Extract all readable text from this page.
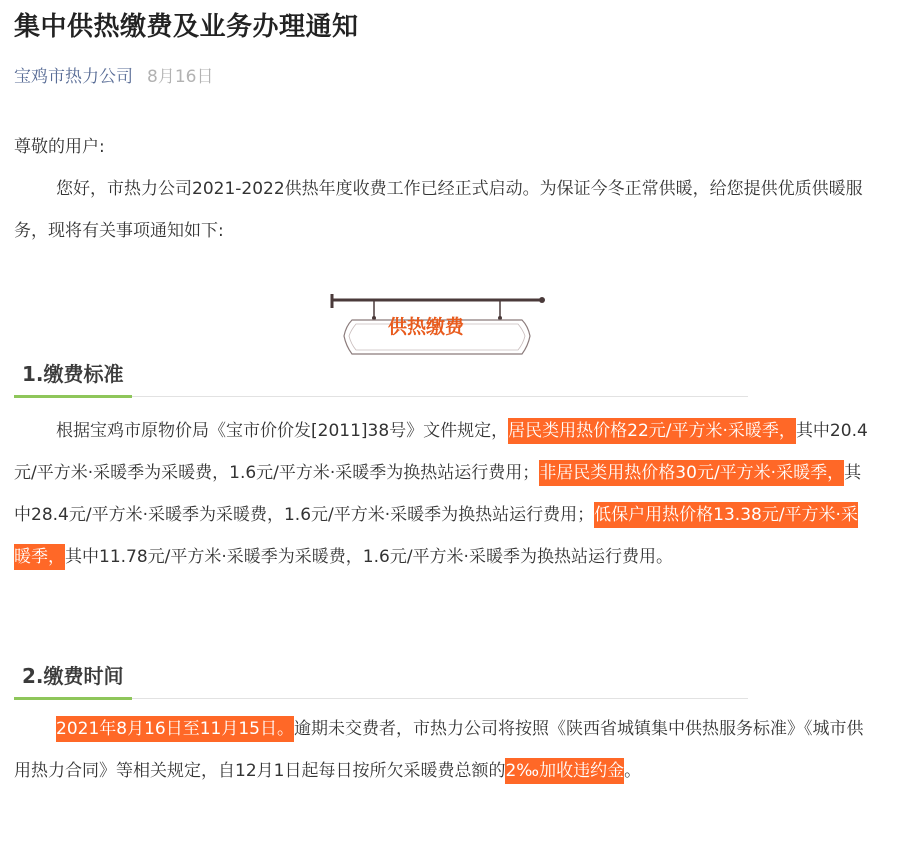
集中供热缴费及业务办理通知
宝鸡市热力公司 8月16日

尊敬的用户:

您好，市热力公司2021-2022供热年度收费工作已经正式启动。为保证今冬正常供暖，给您提供优质供暖服务，现将有关事项通知如下:

供热缴费
1.缴费标准

根据宝鸡市原物价局《宝市价价发[2011]38号》文件规定，居民类用热价格22元/平方米·采暖季，其中20.4元/平方米·采暖季为采暖费，1.6元/平方米·采暖季为换热站运行费用；非居民类用热价格30元/平方米·采暖季，其中28.4元/平方米·采暖季为采暖费，1.6元/平方米·采暖季为换热站运行费用；低保户用热价格13.38元/平方米·采暖季，其中11.78元/平方米·采暖季为采暖费，1.6元/平方米·采暖季为换热站运行费用。

2.缴费时间

2021年8月16日至11月15日。逾期未交费者，市热力公司将按照《陕西省城镇集中供热服务标准》《城市供用热力合同》等相关规定，自12月1日起每日按所欠采暖费总额的2‰加收违约金。
